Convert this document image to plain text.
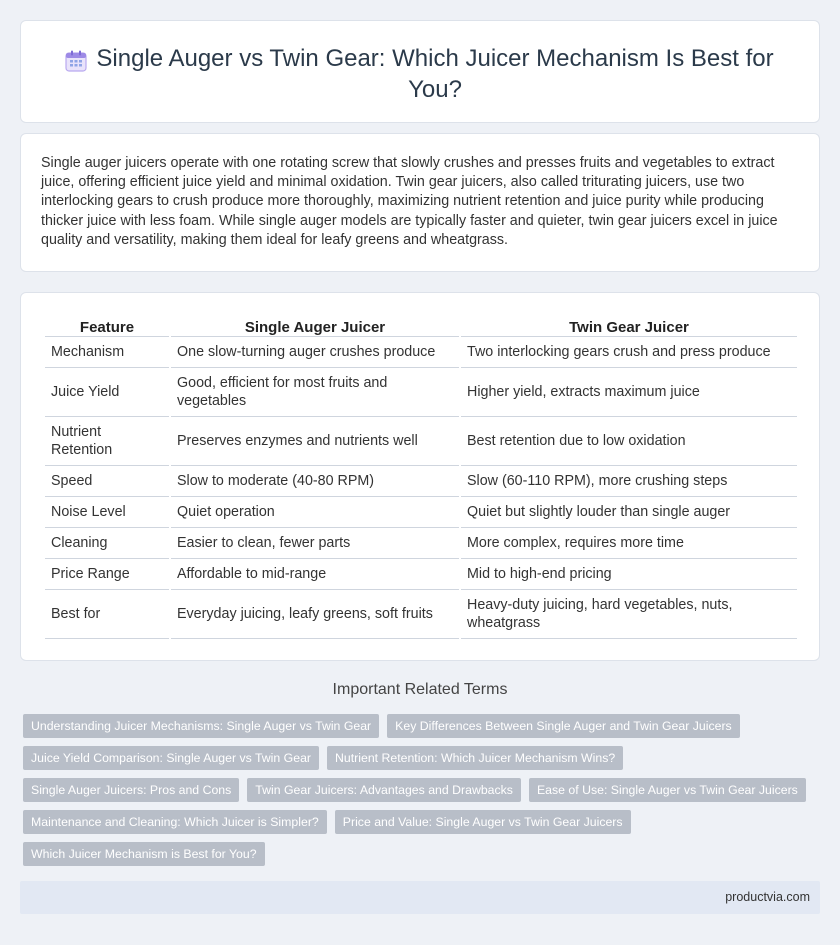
Single Auger vs Twin Gear: Which Juicer Mechanism Is Best for You?

Single auger juicers operate with one rotating screw that slowly crushes and presses fruits and vegetables to extract juice, offering efficient juice yield and minimal oxidation. Twin gear juicers, also called triturating juicers, use two interlocking gears to crush produce more thoroughly, maximizing nutrient retention and juice purity while producing thicker juice with less foam. While single auger models are typically faster and quieter, twin gear juicers excel in juice quality and versatility, making them ideal for leafy greens and wheatgrass.

Feature	Single Auger Juicer	Twin Gear Juicer
Mechanism	One slow-turning auger crushes produce	Two interlocking gears crush and press produce
Juice Yield	Good, efficient for most fruits and vegetables	Higher yield, extracts maximum juice
Nutrient Retention	Preserves enzymes and nutrients well	Best retention due to low oxidation
Speed	Slow to moderate (40-80 RPM)	Slow (60-110 RPM), more crushing steps
Noise Level	Quiet operation	Quiet but slightly louder than single auger
Cleaning	Easier to clean, fewer parts	More complex, requires more time
Price Range	Affordable to mid-range	Mid to high-end pricing
Best for	Everyday juicing, leafy greens, soft fruits	Heavy-duty juicing, hard vegetables, nuts, wheatgrass
Important Related Terms
Understanding Juicer Mechanisms: Single Auger vs Twin Gear	Key Differences Between Single Auger and Twin Gear Juicers
Juice Yield Comparison: Single Auger vs Twin Gear	Nutrient Retention: Which Juicer Mechanism Wins?
Single Auger Juicers: Pros and Cons	Twin Gear Juicers: Advantages and Drawbacks	Ease of Use: Single Auger vs Twin Gear Juicers
Maintenance and Cleaning: Which Juicer is Simpler?	Price and Value: Single Auger vs Twin Gear Juicers
Which Juicer Mechanism is Best for You?
productvia.com
